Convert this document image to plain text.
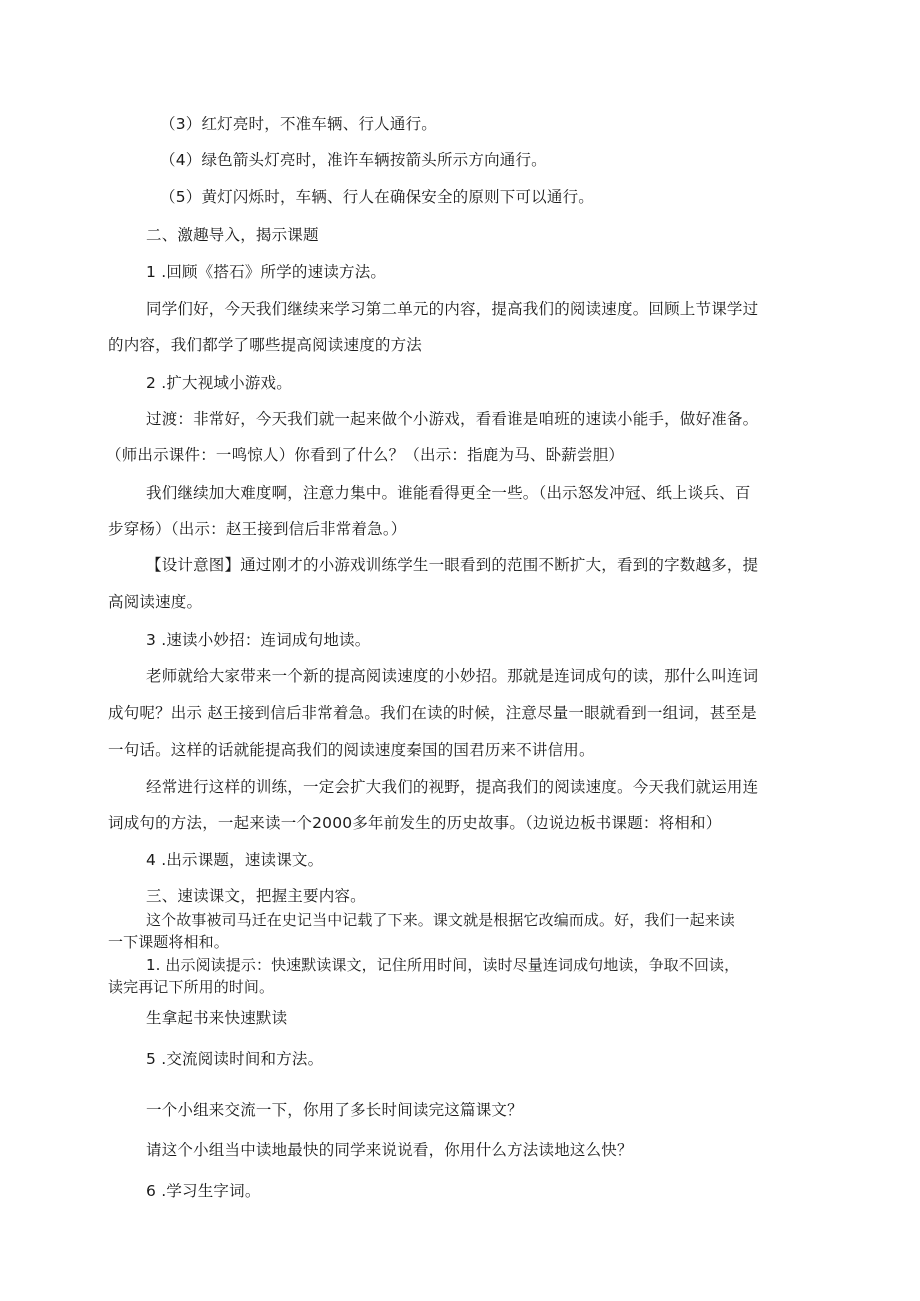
（3）红灯亮时，不准车辆、行人通行。
（4）绿色箭头灯亮时，准许车辆按箭头所示方向通行。
（5）黄灯闪烁时，车辆、行人在确保安全的原则下可以通行。
二、激趣导入，揭示课题
1 .回顾《搭石》所学的速读方法。
同学们好，今天我们继续来学习第二单元的内容，提高我们的阅读速度。回顾上节课学过
的内容，我们都学了哪些提高阅读速度的方法
2 .扩大视域小游戏。
过渡：非常好，今天我们就一起来做个小游戏，看看谁是咱班的速读小能手，做好准备。
（师出示课件：一鸣惊人）你看到了什么？（出示：指鹿为马、卧薪尝胆）
我们继续加大难度啊，注意力集中。谁能看得更全一些。（出示怒发冲冠、纸上谈兵、百
步穿杨）（出示：赵王接到信后非常着急。）
【设计意图】通过刚才的小游戏训练学生一眼看到的范围不断扩大，看到的字数越多，提
高阅读速度。
3 .速读小妙招：连词成句地读。
老师就给大家带来一个新的提高阅读速度的小妙招。那就是连词成句的读，那什么叫连词
成句呢？出示 赵王接到信后非常着急。我们在读的时候，注意尽量一眼就看到一组词，甚至是
一句话。这样的话就能提高我们的阅读速度秦国的国君历来不讲信用。
经常进行这样的训练，一定会扩大我们的视野，提高我们的阅读速度。今天我们就运用连
词成句的方法，一起来读一个2000多年前发生的历史故事。（边说边板书课题：将相和）
4 .出示课题，速读课文。
三、速读课文，把握主要内容。
这个故事被司马迁在史记当中记载了下来。课文就是根据它改编而成。好，我们一起来读
一下课题将相和。
1. 出示阅读提示：快速默读课文，记住所用时间，读时尽量连词成句地读，争取不回读，
读完再记下所用的时间。
生拿起书来快速默读
5 .交流阅读时间和方法。
一个小组来交流一下，你用了多长时间读完这篇课文？
请这个小组当中读地最快的同学来说说看，你用什么方法读地这么快？
6 .学习生字词。
